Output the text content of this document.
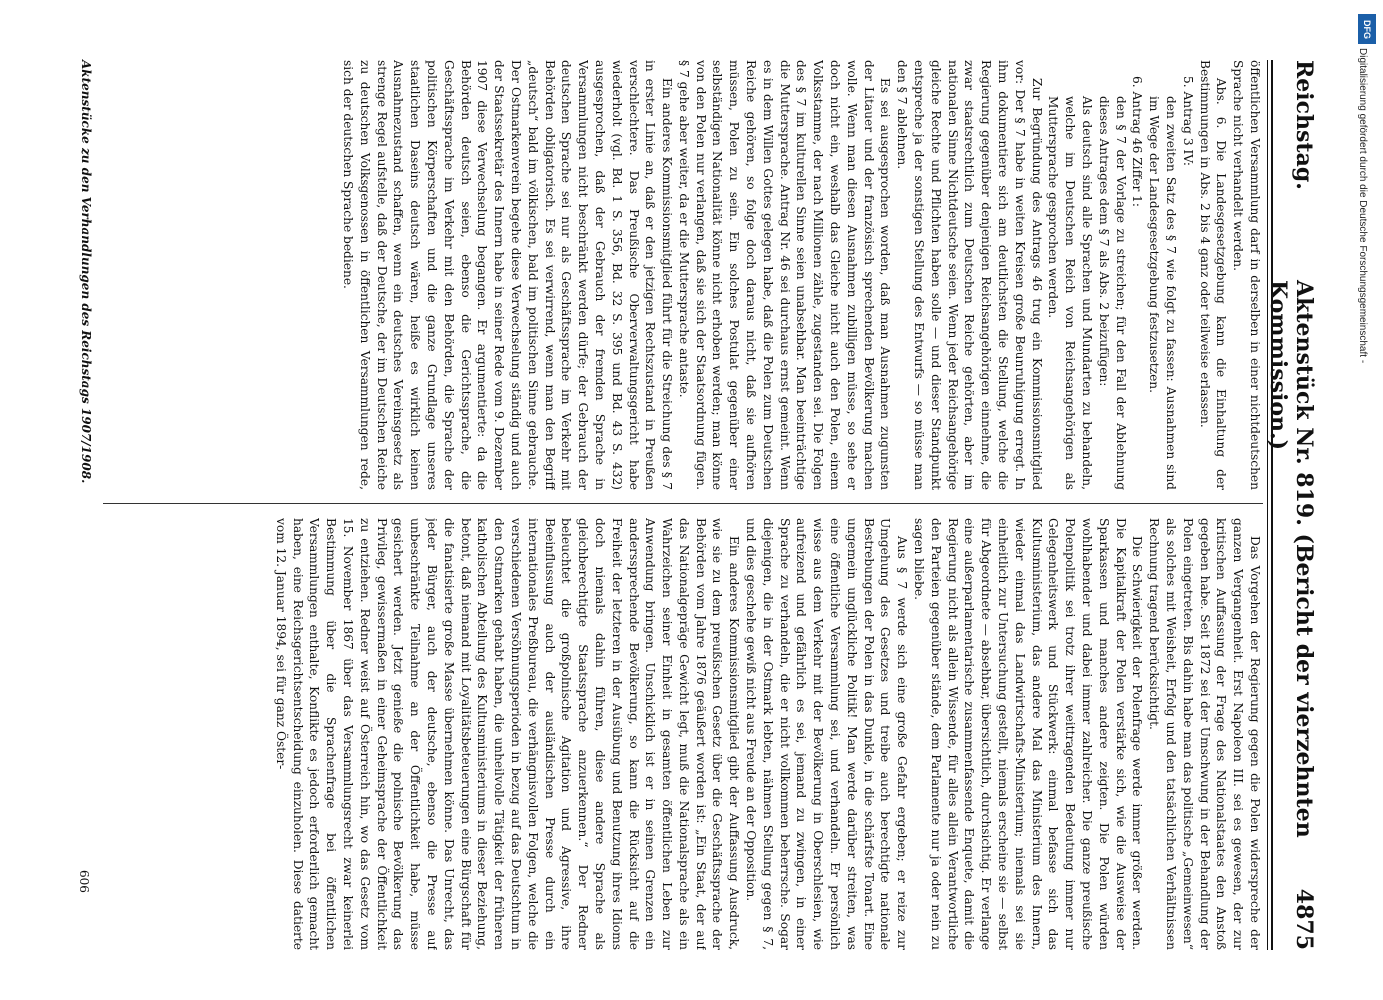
Reichstag.
Aktenstück Nr. 819. (Bericht der vierzehnten Kommission.)
4875

öffentlichen Versammlung darf in derselben in einer nichtdeutschen Sprache nicht verhandelt werden.

Abs. 6. Die Landesgesetzgebung kann die Einhaltung der Bestimmungen in Abs. 2 bis 4 ganz oder teilweise erlassen.

5. Antrag 3 IV:

den zweiten Satz des § 7 wie folgt zu fassen: Ausnahmen sind im Wege der Landesgesetzgebung festzusetzen.

6. Antrag 46 Ziffer 1:

den § 7 der Vorlage zu streichen; für den Fall der Ablehnung dieses Antrages dem § 7 als Abs. 2 beizufügen:

Als deutsch sind alle Sprachen und Mundarten zu behandeln, welche im Deutschen Reich von Reichsangehörigen als Muttersprache gesprochen werden.

Zur Begründung des Antrags 46 trug ein Kommissionsmitglied vor: Der § 7 habe in weiten Kreisen große Beunruhigung erregt. In ihm dokumentiere sich am deutlichsten die Stellung, welche die Regierung gegenüber denjenigen Reichsangehörigen einnehme, die zwar staatsrechtlich zum Deutschen Reiche gehörten, aber im nationalen Sinne Nichtdeutsche seien. Wenn jeder Reichsangehörige gleiche Rechte und Pflichten haben solle — und dieser Standpunkt entspreche ja der sonstigen Stellung des Entwurfs — so müsse man den § 7 ablehnen.

Es sei ausgesprochen worden, daß man Ausnahmen zugunsten der Litauer und der französisch sprechenden Bevölkerung machen wolle. Wenn man diesen Ausnahmen zubilligen müsse, so sehe er doch nicht ein, weshalb das Gleiche nicht auch den Polen, einem Volksstamme, der nach Millionen zähle, zugestanden sei. Die Folgen des § 7 im kulturellen Sinne seien unabsehbar. Man beeinträchtige die Muttersprache. Antrag Nr. 46 sei durchaus ernst gemeint. Wenn es in dem Willen Gottes gelegen habe, daß die Polen zum Deutschen Reiche gehören, so folge doch daraus nicht, daß sie aufhören müssen, Polen zu sein. Ein solches Postulat gegenüber einer selbständigen Nationalität könne nicht erhoben werden; man könne von den Polen nur verlangen, daß sie sich der Staatsordnung fügen. § 7 gehe aber weiter, da er die Muttersprache antaste.

Ein anderes Kommissionsmitglied führt für die Streichung des § 7 in erster Linie an, daß er den jetzigen Rechtszustand in Preußen verschlechtere. Das Preußische Oberverwaltungsgericht habe wiederholt (vgl. Bd. 1 S. 356, Bd. 32 S. 395 und Bd. 43 S. 432) ausgesprochen, daß der Gebrauch der fremden Sprache in Versammlungen nicht beschränkt werden dürfe; der Gebrauch der deutschen Sprache sei nur als Geschäftssprache im Verkehr mit Behörden obligatorisch. Es sei verwirrend, wenn man den Begriff „deutsch“ bald im völkischen, bald im politischen Sinne gebrauche. Der Ostmarkenverein begehe diese Verwechselung ständig und auch der Staatssekretär des Innern habe in seiner Rede vom 9. Dezember 1907 diese Verwechselung begangen. Er argumentierte: da die Behörden deutsch seien, ebenso die Gerichtssprache, die Geschäftssprache im Verkehr mit den Behörden, die Sprache der politischen Körperschaften und die ganze Grundlage unseres staatlichen Daseins deutsch wären, heiße es wirklich keinen Ausnahmezustand schaffen, wenn ein deutsches Vereinsgesetz als strenge Regel aufstelle, daß der Deutsche, der im Deutschen Reiche zu deutschen Volksgenossen in öffentlichen Versammlungen rede, sich der deutschen Sprache bediene.

Das Vorgehen der Regierung gegen die Polen widerspreche der ganzen Vergangenheit. Erst Napoleon III. sei es gewesen, der zur kritischen Auffassung der Frage des Nationalstaates den Anstoß gegeben habe. Seit 1872 sei der Umschwung in der Behandlung der Polen eingetreten. Bis dahin habe man das politische „Gemeinwesen“ als solches mit Weisheit, Erfolg und den tatsächlichen Verhältnissen Rechnung tragend berücksichtigt.

Die Schwierigkeit der Polenfrage werde immer größer werden. Die Kapitalkraft der Polen verstärke sich, wie die Ausweise der Sparkassen und manches andere zeigten. Die Polen würden wohlhabender und dabei immer zahlreicher. Die ganze preußische Polenpolitik sei trotz ihrer weittragenden Bedeutung immer nur Gelegenheitswerk und Stückwerk: einmal befasse sich das Kultusministerium, das andere Mal das Ministerium des Innern, wieder einmal das Landwirtschafts-Ministerium; niemals sei sie einheitlich zur Untersuchung gestellt, niemals erscheine sie — selbst für Abgeordnete — absehbar, übersichtlich, durchsichtig. Er verlange eine außerparlamentarische zusammenfassende Enquete, damit die Regierung nicht als allein Wissende, für alles allein Verantwortliche den Parteien gegenüber stände, dem Parlamente nur ja oder nein zu sagen bliebe.

Aus § 7 werde sich eine große Gefahr ergeben; er reize zur Umgehung des Gesetzes und treibe auch berechtigte nationale Bestrebungen der Polen in das Dunkle, in die schärfste Tonart. Eine ungemein unglückliche Politik! Man werde darüber streiten, was eine öffentliche Versammlung sei, und verhandeln. Er persönlich wisse aus dem Verkehr mit der Bevölkerung in Oberschlesien, wie aufreizend und gefährlich es sei, jemand zu zwingen, in einer Sprache zu verhandeln, die er nicht vollkommen beherrsche. Sogar diejenigen, die in der Ostmark lebten, nähmen Stellung gegen § 7, und dies geschehe gewiß nicht aus Freude an der Opposition.

Ein anderes Kommissionsmitglied gibt der Auffassung Ausdruck, wie sie zu dem preußischen Gesetz über die Geschäftssprache der Behörden vom Jahre 1876 geäußert worden ist: „Ein Staat, der auf das Nationalgepräge Gewicht legt, muß die Nationalsprache als ein Wahrzeichen seiner Einheit in gesamten öffentlichen Leben zur Anwendung bringen. Unschicklich ist er in seinen Grenzen ein anderssprechende Bevölkerung, so kann die Rücksicht auf die Freiheit der letzteren in der Ausübung und Benutzung ihres Idioms doch niemals dahin führen, diese andere Sprache als gleichberechtigte Staatssprache anzuerkennen.“ Der Redner beleuchtet die großpolnische Agitation und Agressive, ihre Beeinflussung auch der ausländischen Presse durch ein internationales Preßbureau, die verhängnisvollen Folgen, welche die verschiedenen Versöhnungsperioden in bezug auf das Deutschtum in den Ostmarken gehabt haben, die unheilvolle Tätigkeit der früheren katholischen Abteilung des Kultusministeriums in dieser Beziehung, betont, daß niemand mit Loyalitätsbeteuerungen eine Bürgschaft für die fanatisierte große Masse übernehmen könne. Das Unrecht, das jeder Bürger, auch der deutsche, ebenso die Presse auf unbeschränkte Teilnahme an der Öffentlichkeit habe, müsse gesichert werden. Jetzt genieße die polnische Bevölkerung das Privileg, gewissermaßen in einer Geheimsprache der Öffentlichkeit zu entziehen. Redner weist auf Österreich hin, wo das Gesetz vom 15. November 1867 über das Versammlungsrecht zwar keinerlei Bestimmung über die Sprachenfrage bei öffentlichen Versammlungen enthalte, Konflikte es jedoch erforderlich gemacht haben, eine Reichsgerichtsentscheidung einzuholen. Diese datierte vom 12. Januar 1894, sei für ganz Öster-

Aktenstücke zu den Verhandlungen des Reichstags 1907/1908.
606
DFG
Digitalisierung gefördert durch die Deutsche Forschungsgemeinschaft -
